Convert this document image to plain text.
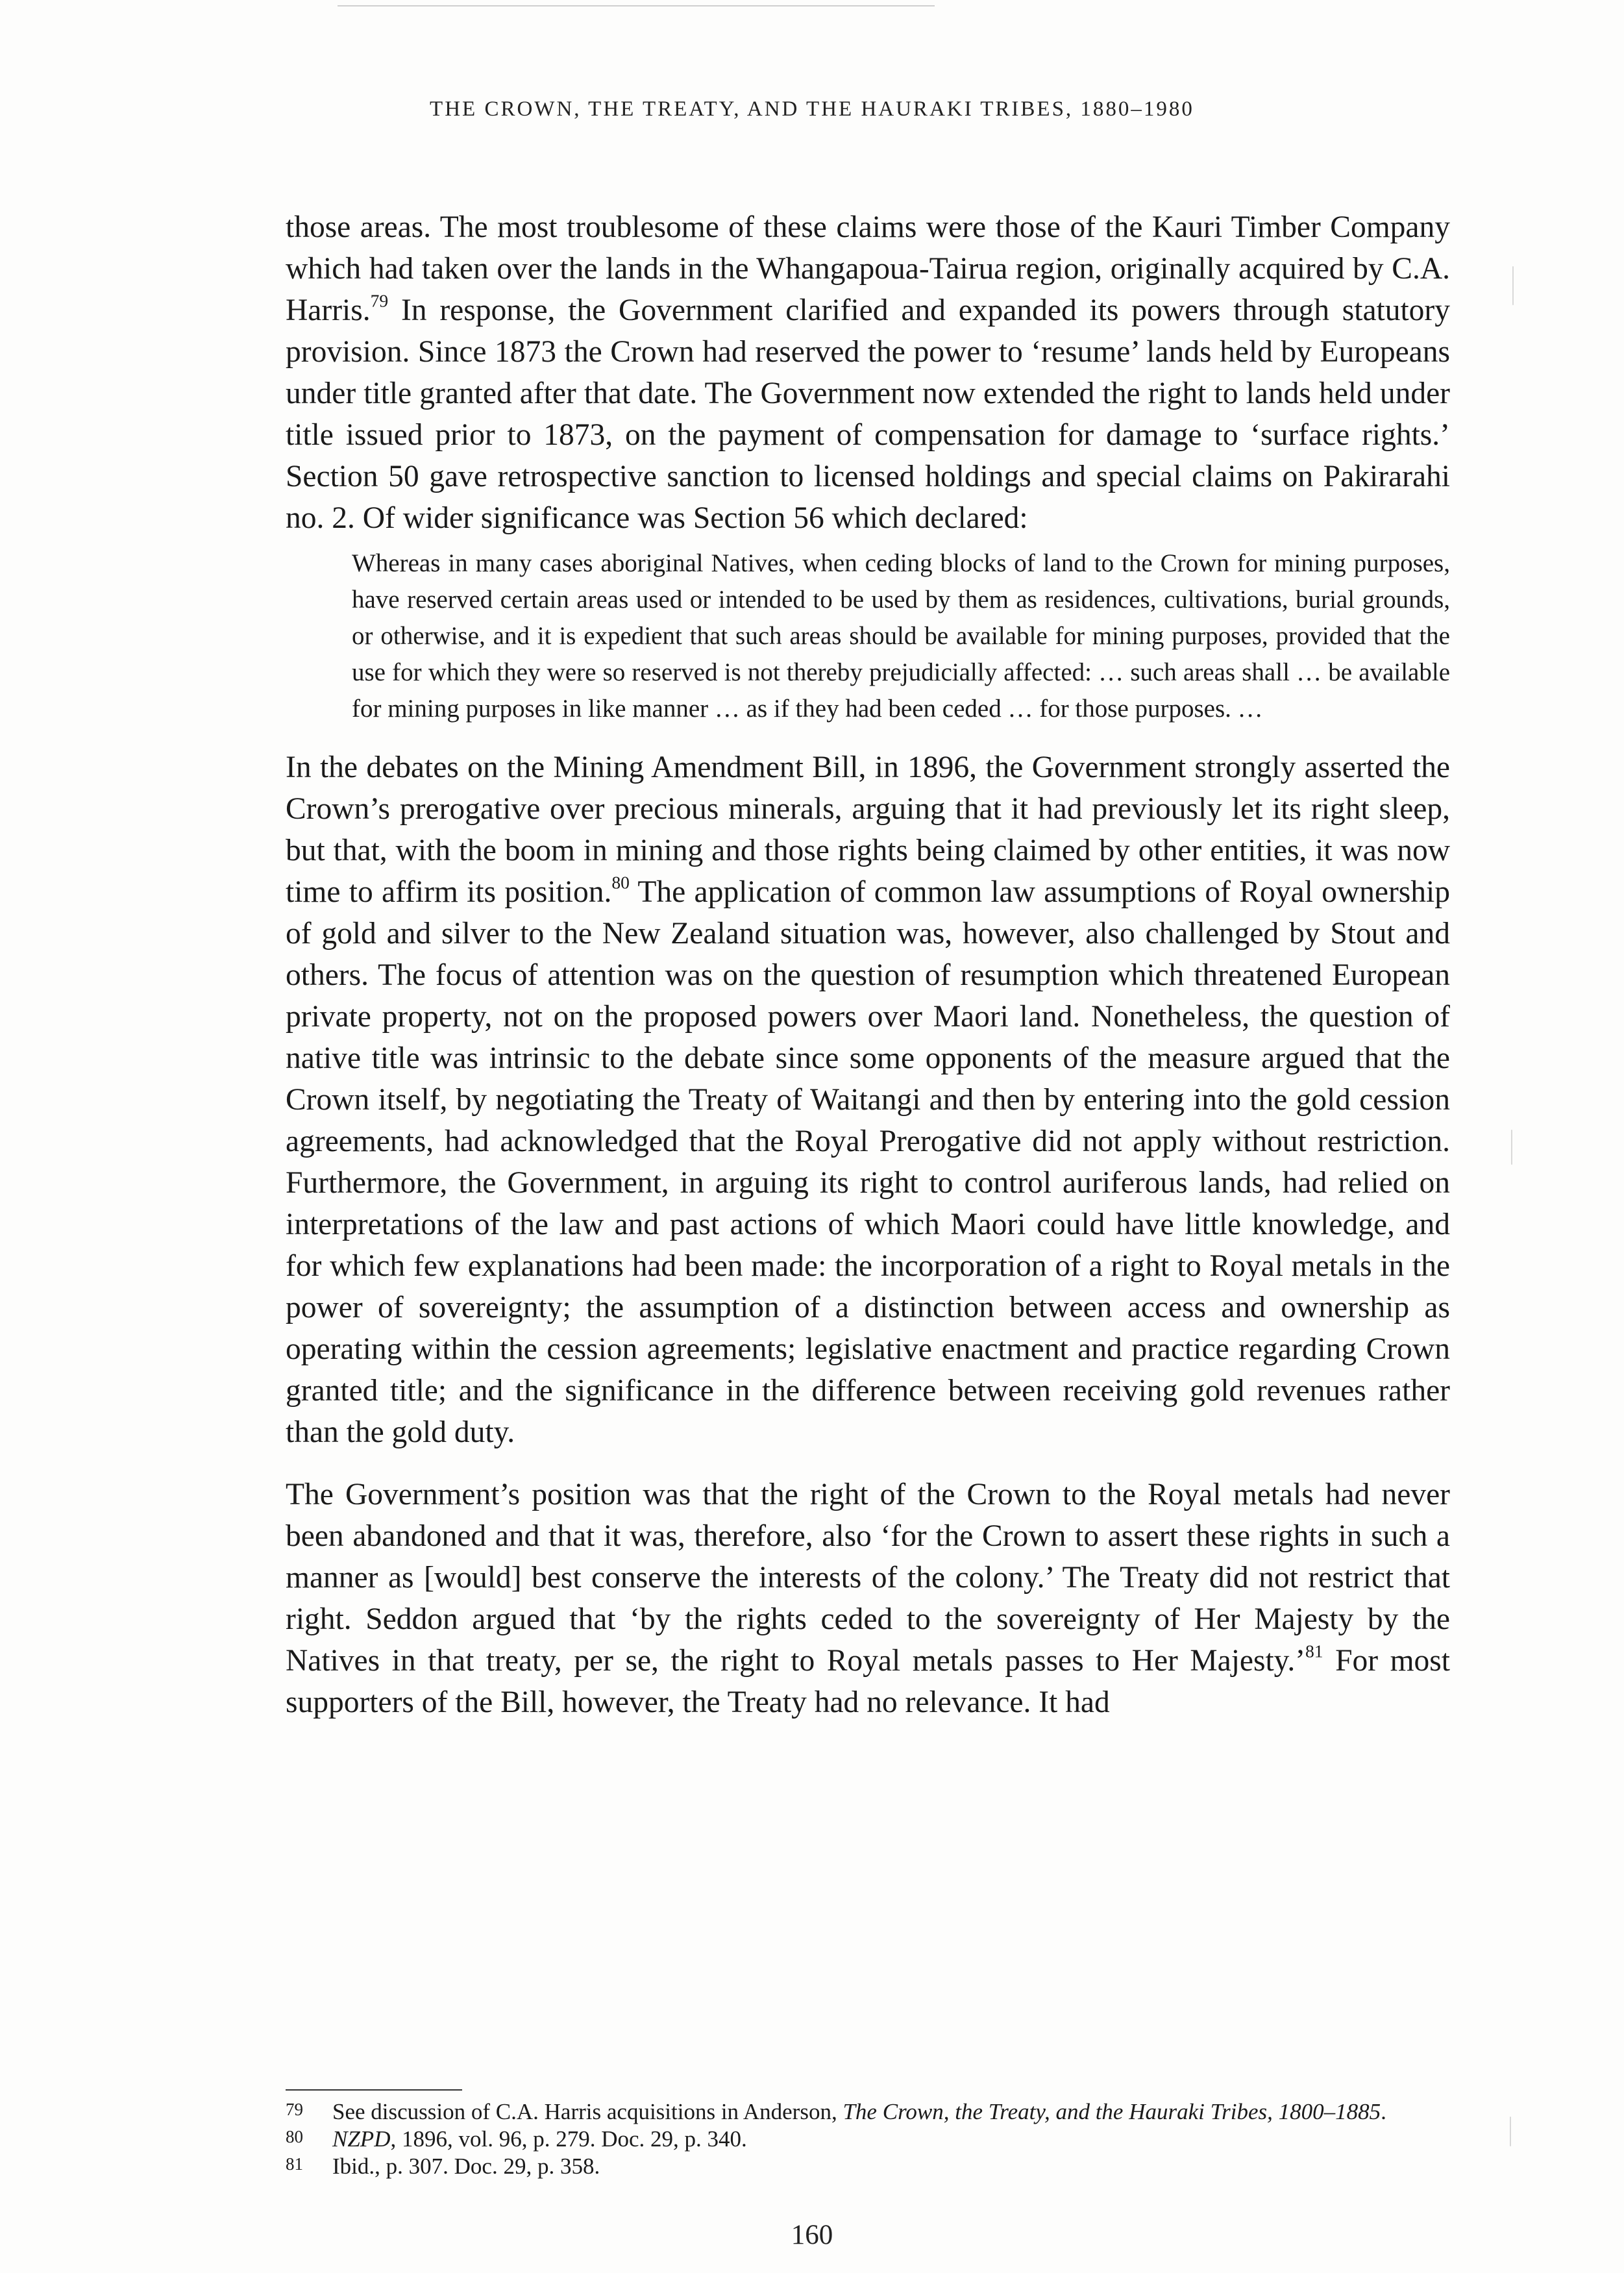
THE CROWN, THE TREATY, AND THE HAURAKI TRIBES, 1880–1980

those areas. The most troublesome of these claims were those of the Kauri Timber Company which had taken over the lands in the Whangapoua-Tairua region, originally acquired by C.A. Harris.$^{79}$ In response, the Government clarified and expanded its powers through statutory provision. Since 1873 the Crown had reserved the power to ‘resume’ lands held by Europeans under title granted after that date. The Government now extended the right to lands held under title issued prior to 1873, on the payment of compensation for damage to ‘surface rights.’ Section 50 gave retrospective sanction to licensed holdings and special claims on Pakirarahi no. 2. Of wider significance was Section 56 which declared:

Whereas in many cases aboriginal Natives, when ceding blocks of land to the Crown for mining purposes, have reserved certain areas used or intended to be used by them as residences, cultivations, burial grounds, or otherwise, and it is expedient that such areas should be available for mining purposes, provided that the use for which they were so reserved is not thereby prejudicially affected: … such areas shall … be available for mining purposes in like manner … as if they had been ceded … for those purposes. …

In the debates on the Mining Amendment Bill, in 1896, the Government strongly asserted the Crown’s prerogative over precious minerals, arguing that it had previously let its right sleep, but that, with the boom in mining and those rights being claimed by other entities, it was now time to affirm its position.$^{80}$ The application of common law assumptions of Royal ownership of gold and silver to the New Zealand situation was, however, also challenged by Stout and others. The focus of attention was on the question of resumption which threatened European private property, not on the proposed powers over Maori land. Nonetheless, the question of native title was intrinsic to the debate since some opponents of the measure argued that the Crown itself, by negotiating the Treaty of Waitangi and then by entering into the gold cession agreements, had acknowledged that the Royal Prerogative did not apply without restriction. Furthermore, the Government, in arguing its right to control auriferous lands, had relied on interpretations of the law and past actions of which Maori could have little knowledge, and for which few explanations had been made: the incorporation of a right to Royal metals in the power of sovereignty; the assumption of a distinction between access and ownership as operating within the cession agreements; legislative enactment and practice regarding Crown granted title; and the significance in the difference between receiving gold revenues rather than the gold duty.

The Government’s position was that the right of the Crown to the Royal metals had never been abandoned and that it was, therefore, also ‘for the Crown to assert these rights in such a manner as [would] best conserve the interests of the colony.’ The Treaty did not restrict that right. Seddon argued that ‘by the rights ceded to the sovereignty of Her Majesty by the Natives in that treaty, per se, the right to Royal metals passes to Her Majesty.’$^{81}$ For most supporters of the Bill, however, the Treaty had no relevance. It had

79	See discussion of C.A. Harris acquisitions in Anderson, The Crown, the Treaty, and the Hauraki Tribes, 1800–1885.
80	NZPD, 1896, vol. 96, p. 279. Doc. 29, p. 340.
81	Ibid., p. 307. Doc. 29, p. 358.
160
